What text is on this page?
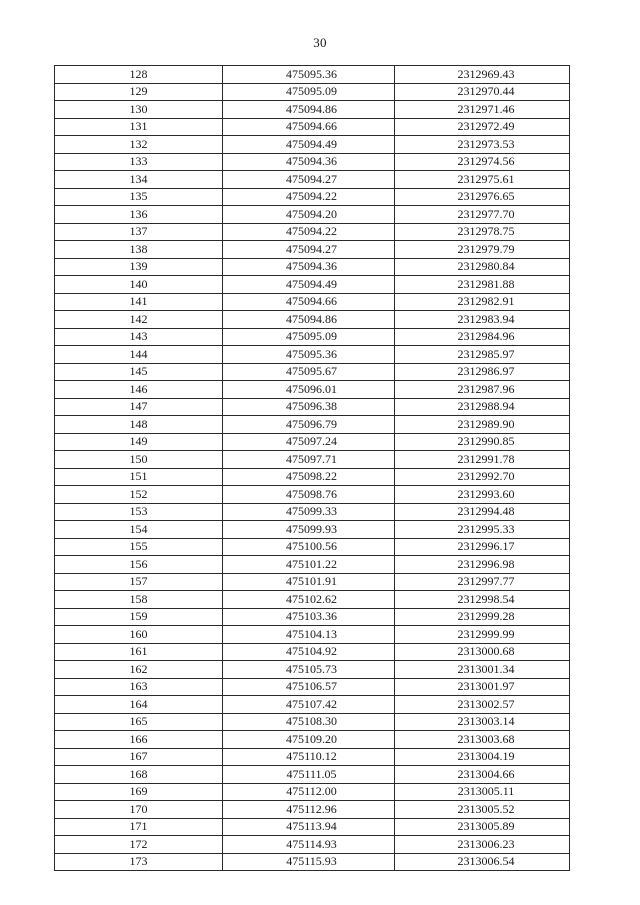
30
128	475095.36	2312969.43
129	475095.09	2312970.44
130	475094.86	2312971.46
131	475094.66	2312972.49
132	475094.49	2312973.53
133	475094.36	2312974.56
134	475094.27	2312975.61
135	475094.22	2312976.65
136	475094.20	2312977.70
137	475094.22	2312978.75
138	475094.27	2312979.79
139	475094.36	2312980.84
140	475094.49	2312981.88
141	475094.66	2312982.91
142	475094.86	2312983.94
143	475095.09	2312984.96
144	475095.36	2312985.97
145	475095.67	2312986.97
146	475096.01	2312987.96
147	475096.38	2312988.94
148	475096.79	2312989.90
149	475097.24	2312990.85
150	475097.71	2312991.78
151	475098.22	2312992.70
152	475098.76	2312993.60
153	475099.33	2312994.48
154	475099.93	2312995.33
155	475100.56	2312996.17
156	475101.22	2312996.98
157	475101.91	2312997.77
158	475102.62	2312998.54
159	475103.36	2312999.28
160	475104.13	2312999.99
161	475104.92	2313000.68
162	475105.73	2313001.34
163	475106.57	2313001.97
164	475107.42	2313002.57
165	475108.30	2313003.14
166	475109.20	2313003.68
167	475110.12	2313004.19
168	475111.05	2313004.66
169	475112.00	2313005.11
170	475112.96	2313005.52
171	475113.94	2313005.89
172	475114.93	2313006.23
173	475115.93	2313006.54
